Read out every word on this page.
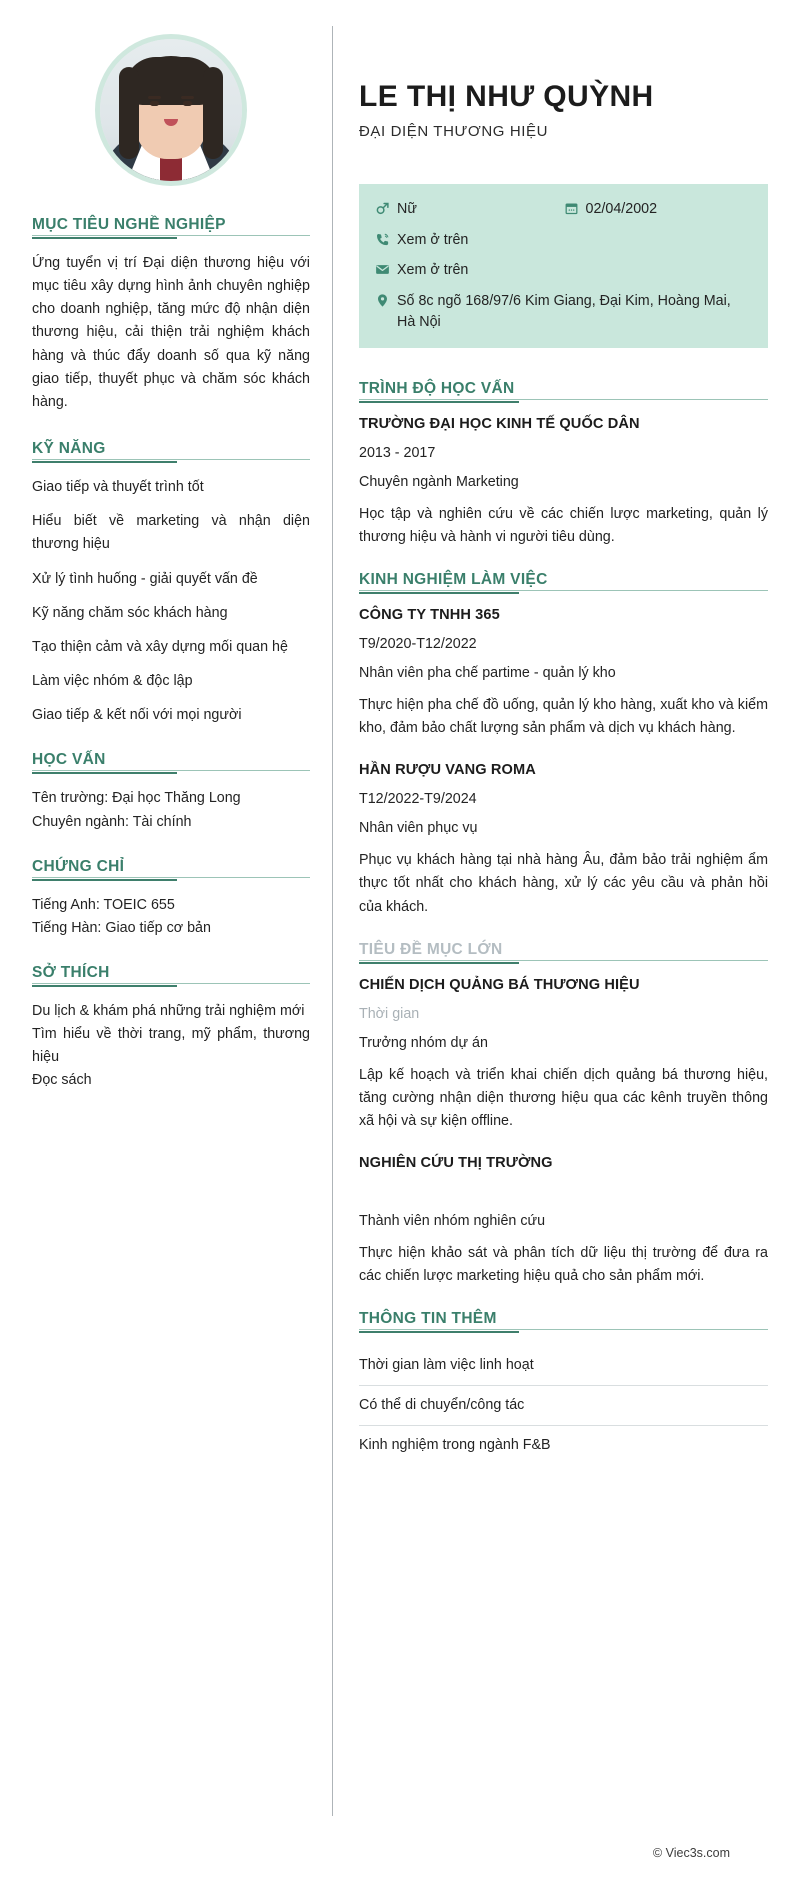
MỤC TIÊU NGHỀ NGHIỆP
Ứng tuyển vị trí Đại diện thương hiệu với mục tiêu xây dựng hình ảnh chuyên nghiệp cho doanh nghiệp, tăng mức độ nhận diện thương hiệu, cải thiện trải nghiệm khách hàng và thúc đẩy doanh số qua kỹ năng giao tiếp, thuyết phục và chăm sóc khách hàng.
KỸ NĂNG
Giao tiếp và thuyết trình tốt
Hiểu biết về marketing và nhận diện thương hiệu
Xử lý tình huống - giải quyết vấn đề
Kỹ năng chăm sóc khách hàng
Tạo thiện cảm và xây dựng mối quan hệ
Làm việc nhóm & độc lập
Giao tiếp & kết nối với mọi người
HỌC VẤN
Tên trường: Đại học Thăng Long
Chuyên ngành: Tài chính
CHỨNG CHỈ
Tiếng Anh: TOEIC 655
Tiếng Hàn: Giao tiếp cơ bản
SỞ THÍCH
Du lịch & khám phá những trải nghiệm mới
Tìm hiểu về thời trang, mỹ phẩm, thương hiệu
Đọc sách
LE THỊ NHƯ QUỲNH
ĐẠI DIỆN THƯƠNG HIỆU
Nữ	02/04/2002
Xem ở trên
Xem ở trên
Số 8c ngõ 168/97/6 Kim Giang, Đại Kim, Hoàng Mai, Hà Nội
TRÌNH ĐỘ HỌC VẤN
TRƯỜNG ĐẠI HỌC KINH TẾ QUỐC DÂN
2013 - 2017
Chuyên ngành Marketing
Học tập và nghiên cứu về các chiến lược marketing, quản lý thương hiệu và hành vi người tiêu dùng.
KINH NGHIỆM LÀM VIỆC
CÔNG TY TNHH 365
T9/2020-T12/2022
Nhân viên pha chế partime - quản lý kho
Thực hiện pha chế đồ uống, quản lý kho hàng, xuất kho và kiểm kho, đảm bảo chất lượng sản phẩm và dịch vụ khách hàng.
HẦN RƯỢU VANG ROMA
T12/2022-T9/2024
Nhân viên phục vụ
Phục vụ khách hàng tại nhà hàng Âu, đảm bảo trải nghiệm ẩm thực tốt nhất cho khách hàng, xử lý các yêu cầu và phản hồi của khách.
TIÊU ĐỀ MỤC LỚN
CHIẾN DỊCH QUẢNG BÁ THƯƠNG HIỆU
Thời gian
Trưởng nhóm dự án
Lập kế hoạch và triển khai chiến dịch quảng bá thương hiệu, tăng cường nhận diện thương hiệu qua các kênh truyền thông xã hội và sự kiện offline.
NGHIÊN CỨU THỊ TRƯỜNG

Thành viên nhóm nghiên cứu
Thực hiện khảo sát và phân tích dữ liệu thị trường để đưa ra các chiến lược marketing hiệu quả cho sản phẩm mới.
THÔNG TIN THÊM
Thời gian làm việc linh hoạt
Có thể di chuyển/công tác
Kinh nghiệm trong ngành F&B
© Viec3s.com
